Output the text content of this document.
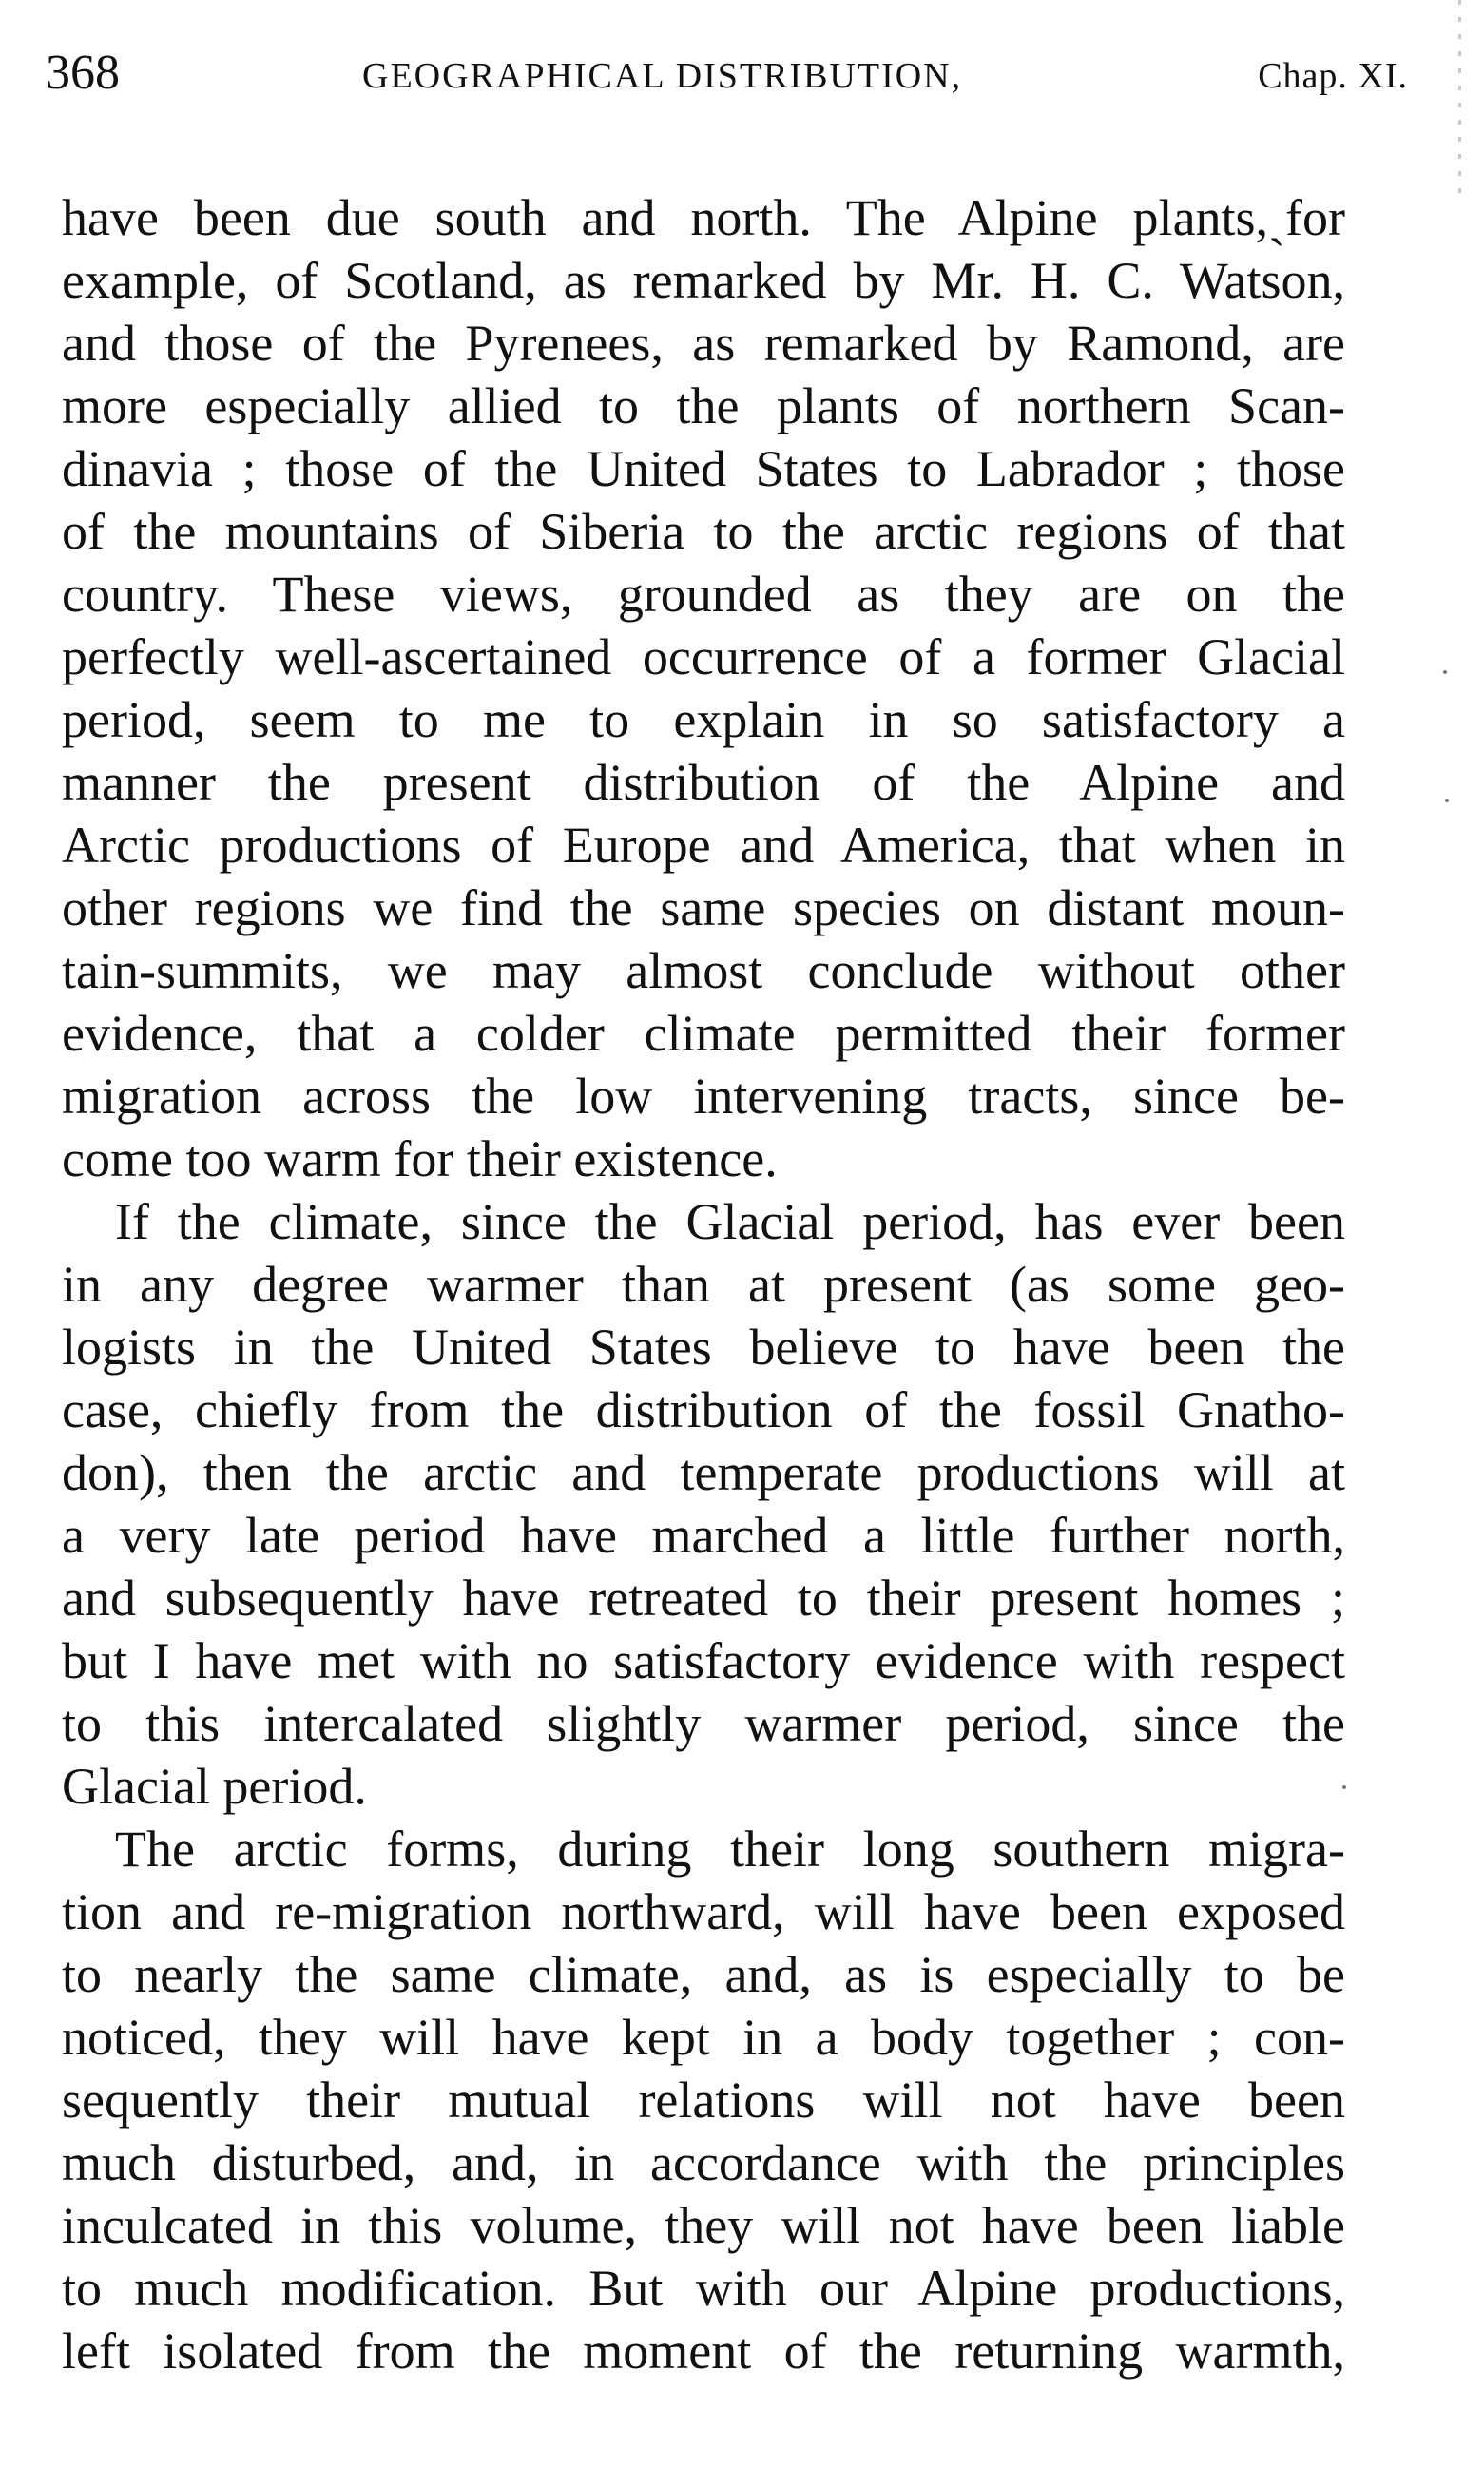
368	GEOGRAPHICAL DISTRIBUTION,	Chap. XI.
have been due south and north. The Alpine plants,ˏfor
example, of Scotland, as remarked by Mr. H. C. Watson,
and those of the Pyrenees, as remarked by Ramond, are
more especially allied to the plants of northern Scan-
dinavia ; those of the United States to Labrador ; those
of the mountains of Siberia to the arctic regions of that
country. These views, grounded as they are on the
perfectly well-ascertained occurrence of a former Glacial
period, seem to me to explain in so satisfactory a
manner the present distribution of the Alpine and
Arctic productions of Europe and America, that when in
other regions we find the same species on distant moun-
tain-summits, we may almost conclude without other
evidence, that a colder climate permitted their former
migration across the low intervening tracts, since be-
come too warm for their existence.
If the climate, since the Glacial period, has ever been
in any degree warmer than at present (as some geo-
logists in the United States believe to have been the
case, chiefly from the distribution of the fossil Gnatho-
don), then the arctic and temperate productions will at
a very late period have marched a little further north,
and subsequently have retreated to their present homes ;
but I have met with no satisfactory evidence with respect
to this intercalated slightly warmer period, since the
Glacial period.
The arctic forms, during their long southern migra-
tion and re-migration northward, will have been exposed
to nearly the same climate, and, as is especially to be
noticed, they will have kept in a body together ; con-
sequently their mutual relations will not have been
much disturbed, and, in accordance with the principles
inculcated in this volume, they will not have been liable
to much modification. But with our Alpine productions,
left isolated from the moment of the returning warmth,
